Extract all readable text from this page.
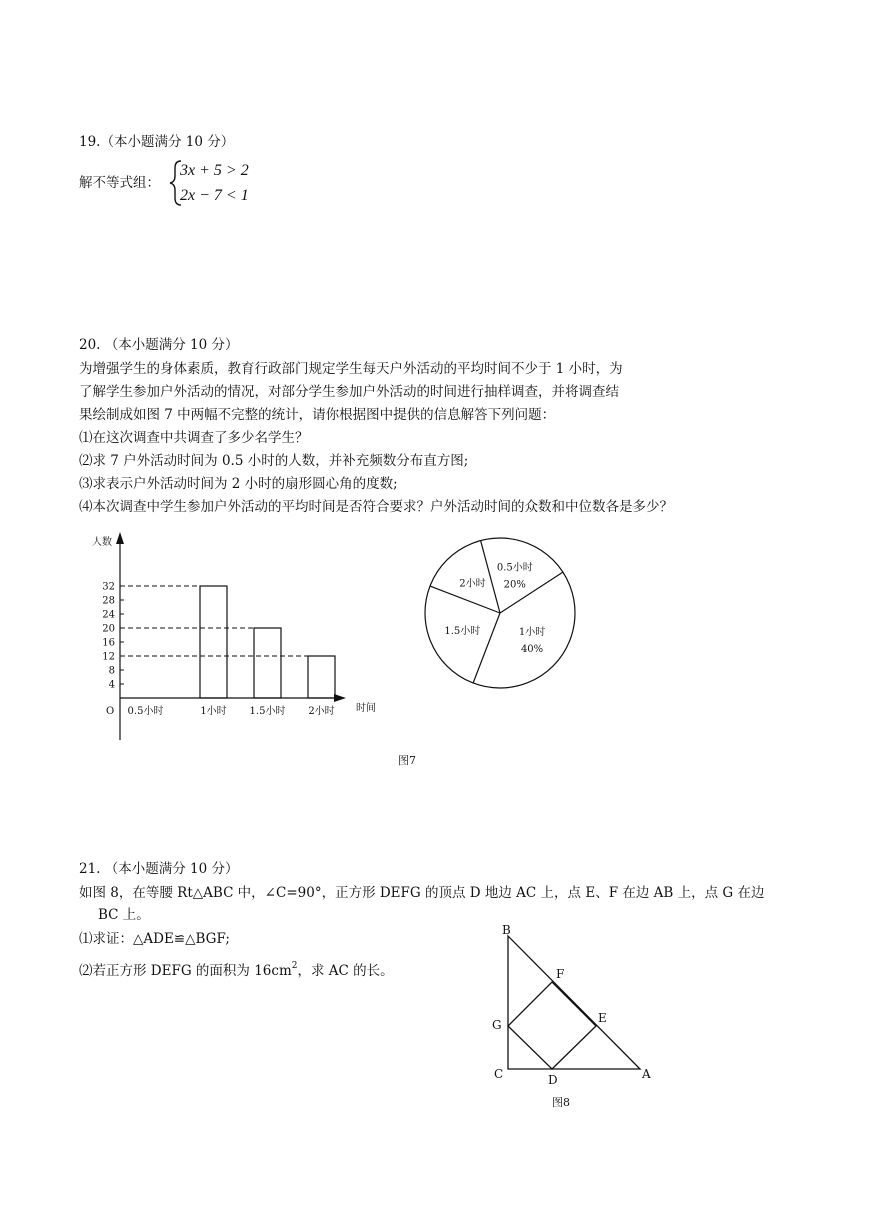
19.（本小题满分 10 分）
解不等式组：
3x + 5 > 2
2x − 7 < 1
20. （本小题满分 10 分）
为增强学生的身体素质，教育行政部门规定学生每天户外活动的平均时间不少于 1 小时，为
了解学生参加户外活动的情况，对部分学生参加户外活动的时间进行抽样调查，并将调查结
果绘制成如图 7 中两幅不完整的统计，请你根据图中提供的信息解答下列问题：
⑴在这次调查中共调查了多少名学生？
⑵求 7 户外活动时间为 0.5 小时的人数，并补充频数分布直方图;
⑶求表示户外活动时间为 2 小时的扇形圆心角的度数;
⑷本次调查中学生参加户外活动的平均时间是否符合要求？户外活动时间的众数和中位数各是多少？
人数
时间
O
4
8
12
16
20
24
28
32
0.5小时	1小时 1.5小时 2小时
0.5小时
20%
1小时
40%
1.5小时
2小时
图7
21. （本小题满分 10 分）
如图 8，在等腰 Rt△ABC 中，∠C=90°，正方形 DEFG 的顶点 D 地边 AC 上，点 E、F 在边 AB 上，点 G 在边
BC 上。
⑴求证：△ADE≌△BGF;
⑵若正方形 DEFG 的面积为 $16cm^2$，求 AC 的长。
B
C	A
D
E
F
G
图8
